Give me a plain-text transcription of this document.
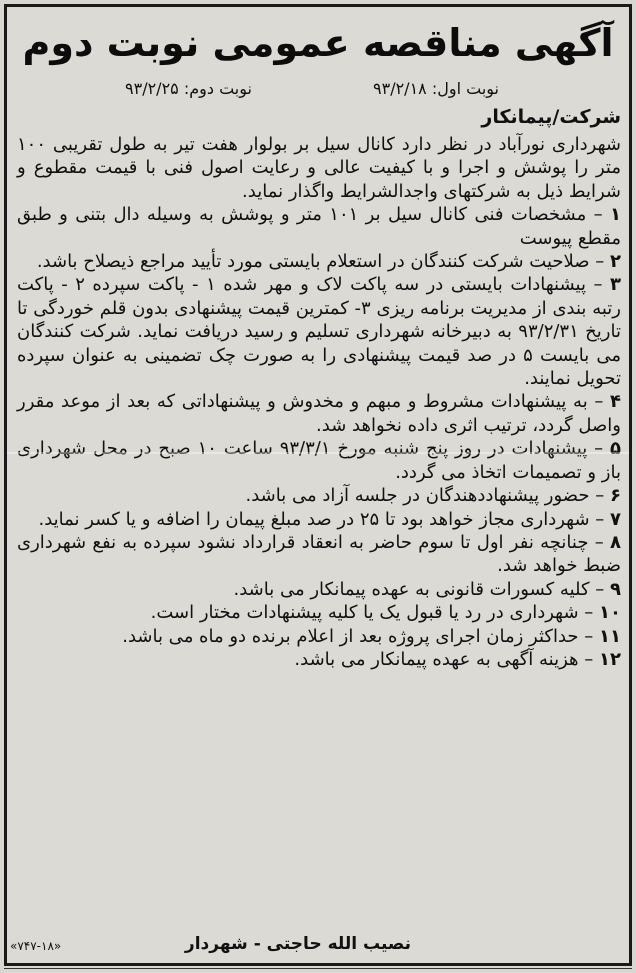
آگهی مناقصه عمومی نوبت دوم
نوبت اول: ۹۳/۲/۱۸
نوبت دوم: ۹۳/۲/۲۵
شرکت/پیمانکار

شهرداری نورآباد در نظر دارد کانال سیل بر بولوار هفت تیر به طول تقریبی ۱۰۰ متر را پوشش و اجرا و با کیفیت عالی و رعایت اصول فنی با قیمت مقطوع و شرایط ذیل به شرکتهای واجدالشرایط واگذار نماید.

۱ – مشخصات فنی کانال سیل بر ۱۰۱ متر و پوشش به وسیله دال بتنی و طبق مقطع پیوست

۲ – صلاحیت شرکت کنندگان در استعلام بایستی مورد تأیید مراجع ذیصلاح باشد.

۳ – پیشنهادات بایستی در سه پاکت لاک و مهر شده ۱ - پاکت سپرده ۲ - پاکت رتبه بندی از مدیریت برنامه ریزی ۳- کمترین قیمت پیشنهادی بدون قلم خوردگی تا تاریخ ۹۳/۲/۳۱ به دبیرخانه شهرداری تسلیم و رسید دریافت نماید. شرکت کنندگان می بایست ۵ در صد قیمت پیشنهادی را به صورت چک تضمینی به عنوان سپرده تحویل نمایند.

۴ – به پیشنهادات مشروط و مبهم و مخدوش و پیشنهاداتی که بعد از موعد مقرر واصل گردد، ترتیب اثری داده نخواهد شد.

۵ – پیشنهادات در روز پنج شنبه مورخ ۹۳/۳/۱ ساعت ۱۰ صبح در محل شهرداری باز و تصمیمات اتخاذ می گردد.

۶ – حضور پیشنهاددهندگان در جلسه آزاد می باشد.

۷ – شهرداری مجاز خواهد بود تا ۲۵ در صد مبلغ پیمان را اضافه و یا کسر نماید.

۸ – چنانچه نفر اول تا سوم حاضر به انعقاد قرارداد نشود سپرده به نفع شهرداری ضبط خواهد شد.

۹ – کلیه کسورات قانونی به عهده پیمانکار می باشد.

۱۰ – شهرداری در رد یا قبول یک یا کلیه پیشنهادات مختار است.

۱۱ – حداکثر زمان اجرای پروژه بعد از اعلام برنده دو ماه می باشد.

۱۲ – هزینه آگهی به عهده پیمانکار می باشد.

نصیب الله حاجتی - شهردار
«۷۴۷-۱۸»
